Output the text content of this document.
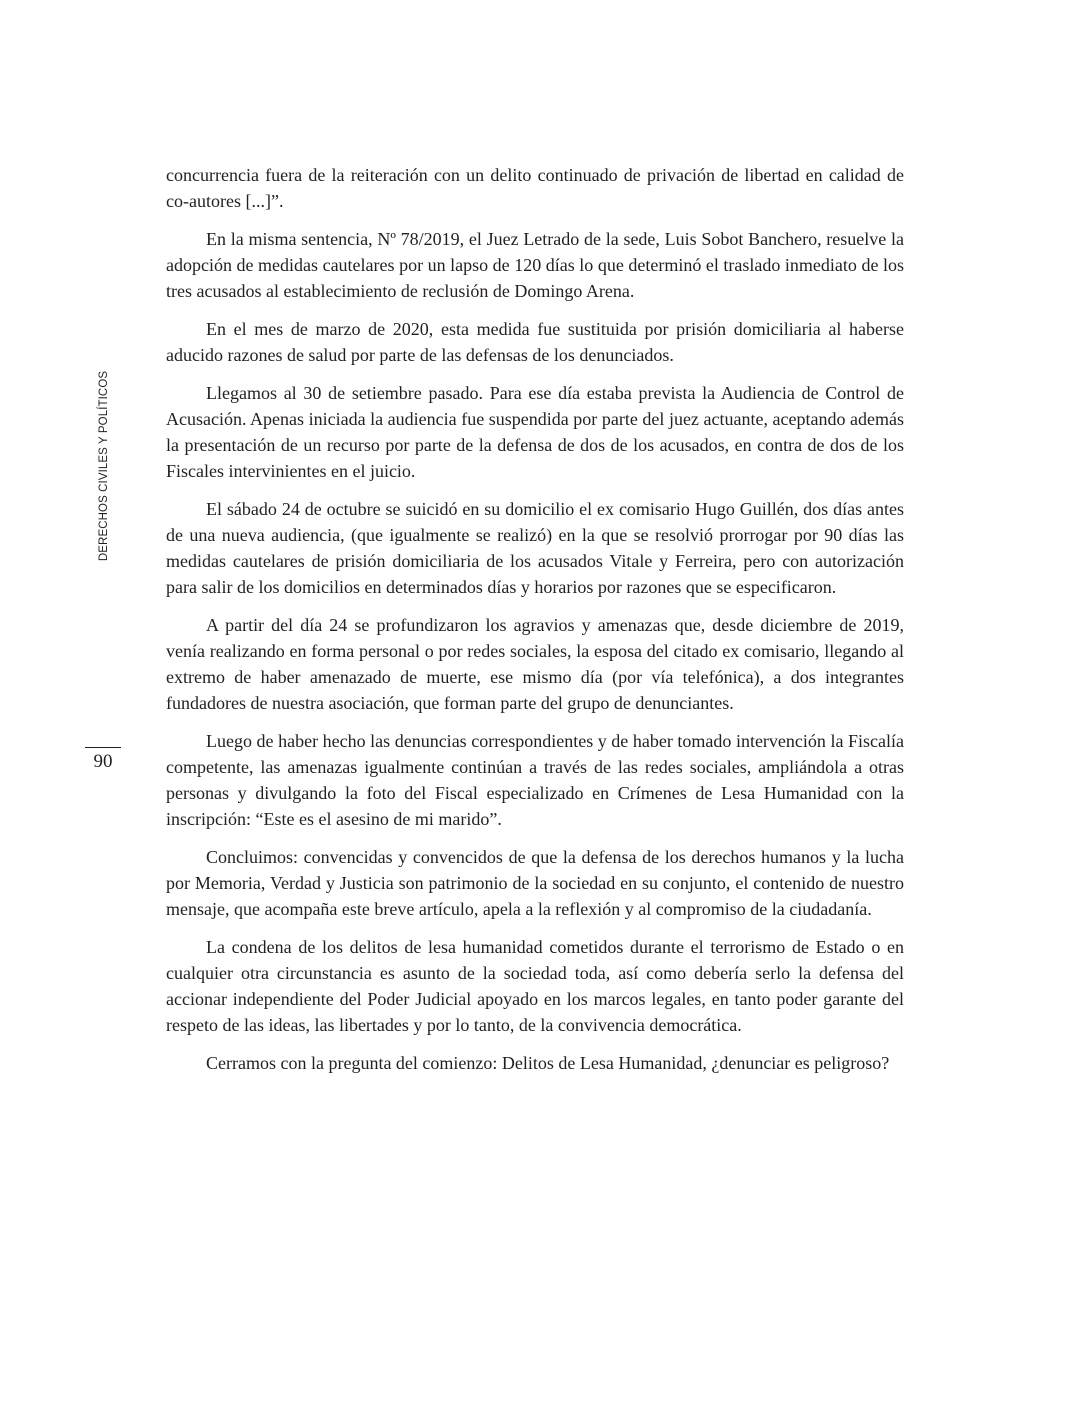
DERECHOS CIVILES Y POLÍTICOS
90

concurrencia fuera de la reiteración con un delito continuado de privación de libertad en calidad de co-autores [...]”.

En la misma sentencia, Nº 78/2019, el Juez Letrado de la sede, Luis Sobot Banchero, resuelve la adopción de medidas cautelares por un lapso de 120 días lo que determinó el traslado inmediato de los tres acusados al establecimiento de reclusión de Domingo Arena.

En el mes de marzo de 2020, esta medida fue sustituida por prisión domiciliaria al haberse aducido razones de salud por parte de las defensas de los denunciados.

Llegamos al 30 de setiembre pasado. Para ese día estaba prevista la Audiencia de Control de Acusación. Apenas iniciada la audiencia fue suspendida por parte del juez actuante, aceptando además la presentación de un recurso por parte de la defensa de dos de los acusados, en contra de dos de los Fiscales intervinientes en el juicio.

El sábado 24 de octubre se suicidó en su domicilio el ex comisario Hugo Guillén, dos días antes de una nueva audiencia, (que igualmente se realizó) en la que se resolvió prorrogar por 90 días las medidas cautelares de prisión domiciliaria de los acusados Vitale y Ferreira, pero con autorización para salir de los domicilios en determinados días y horarios por razones que se especificaron.

A partir del día 24 se profundizaron los agravios y amenazas que, desde diciembre de 2019, venía realizando en forma personal o por redes sociales, la esposa del citado ex comisario, llegando al extremo de haber amenazado de muerte, ese mismo día (por vía telefónica), a dos integrantes fundadores de nuestra asociación, que forman parte del grupo de denunciantes.

Luego de haber hecho las denuncias correspondientes y de haber tomado intervención la Fiscalía competente, las amenazas igualmente continúan a través de las redes sociales, ampliándola a otras personas y divulgando la foto del Fiscal especializado en Crímenes de Lesa Humanidad con la inscripción: “Este es el asesino de mi marido”.

Concluimos: convencidas y convencidos de que la defensa de los derechos humanos y la lucha por Memoria, Verdad y Justicia son patrimonio de la sociedad en su conjunto, el contenido de nuestro mensaje, que acompaña este breve artículo, apela a la reflexión y al compromiso de la ciudadanía.

La condena de los delitos de lesa humanidad cometidos durante el terrorismo de Estado o en cualquier otra circunstancia es asunto de la sociedad toda, así como debería serlo la defensa del accionar independiente del Poder Judicial apoyado en los marcos legales, en tanto poder garante del respeto de las ideas, las libertades y por lo tanto, de la convivencia democrática.

Cerramos con la pregunta del comienzo: Delitos de Lesa Humanidad, ¿denunciar es peligroso?
